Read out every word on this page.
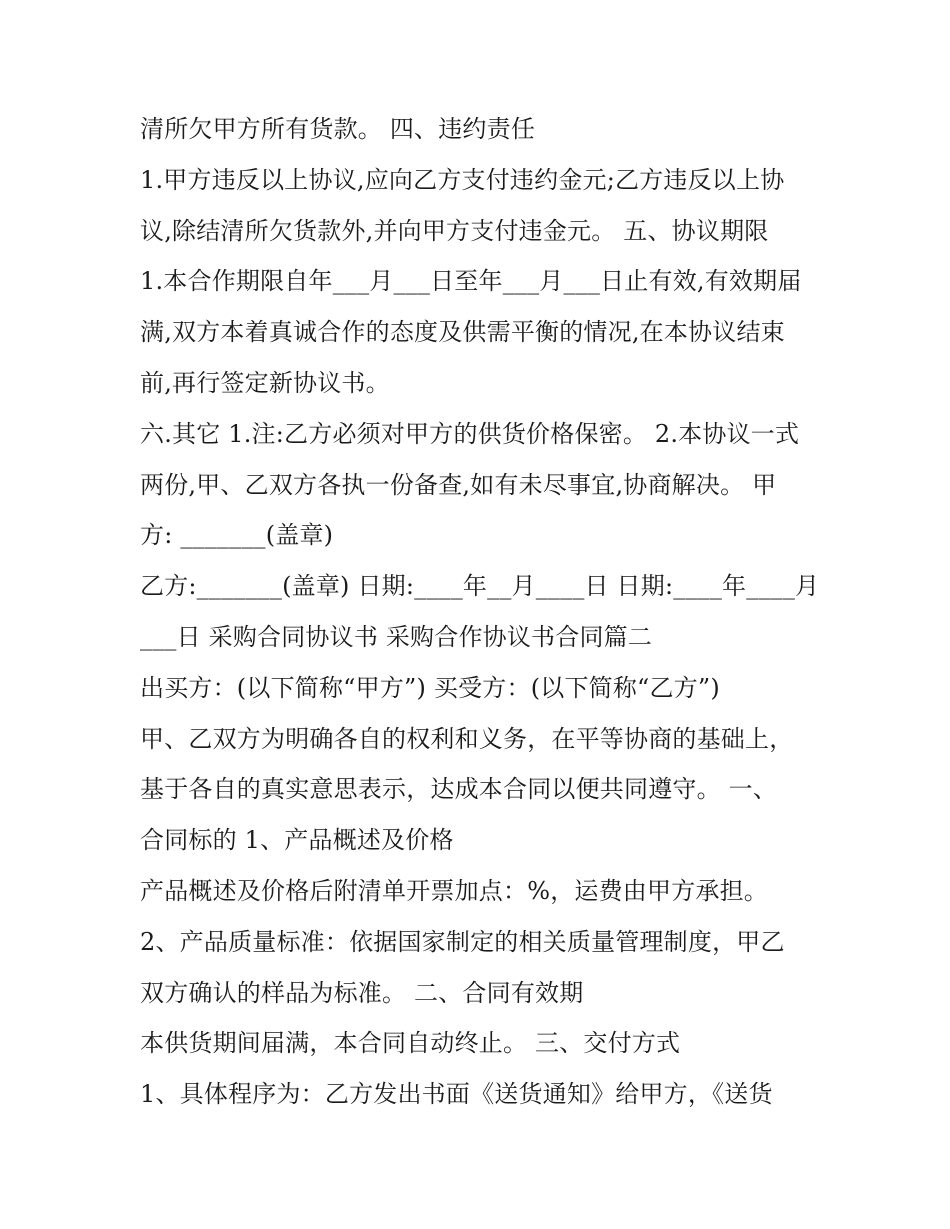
清所欠甲方所有货款。 四、违约责任
1.甲方违反以上协议,应向乙方支付违约金元;乙方违反以上协
议,除结清所欠货款外,并向甲方支付违金元。 五、协议期限
1.本合作期限自年___月___日至年___月___日止有效,有效期届
满,双方本着真诚合作的态度及供需平衡的情况,在本协议结束
前,再行签定新协议书。
六.其它 1.注:乙方必须对甲方的供货价格保密。 2.本协议一式
两份,甲、乙双方各执一份备查,如有未尽事宜,协商解决。 甲
方: _______(盖章)
乙方:_______(盖章) 日期:____年__月____日 日期:____年____月
___日 采购合同协议书 采购合作协议书合同篇二
出买方：(以下简称“甲方”) 买受方：(以下简称“乙方”)
甲、乙双方为明确各自的权利和义务，在平等协商的基础上，
基于各自的真实意思表示，达成本合同以便共同遵守。 一、
合同标的 1、产品概述及价格
产品概述及价格后附清单开票加点：%，运费由甲方承担。
2、产品质量标准：依据国家制定的相关质量管理制度，甲乙
双方确认的样品为标准。 二、合同有效期
本供货期间届满，本合同自动终止。 三、交付方式
1、具体程序为：乙方发出书面《送货通知》给甲方，《送货
